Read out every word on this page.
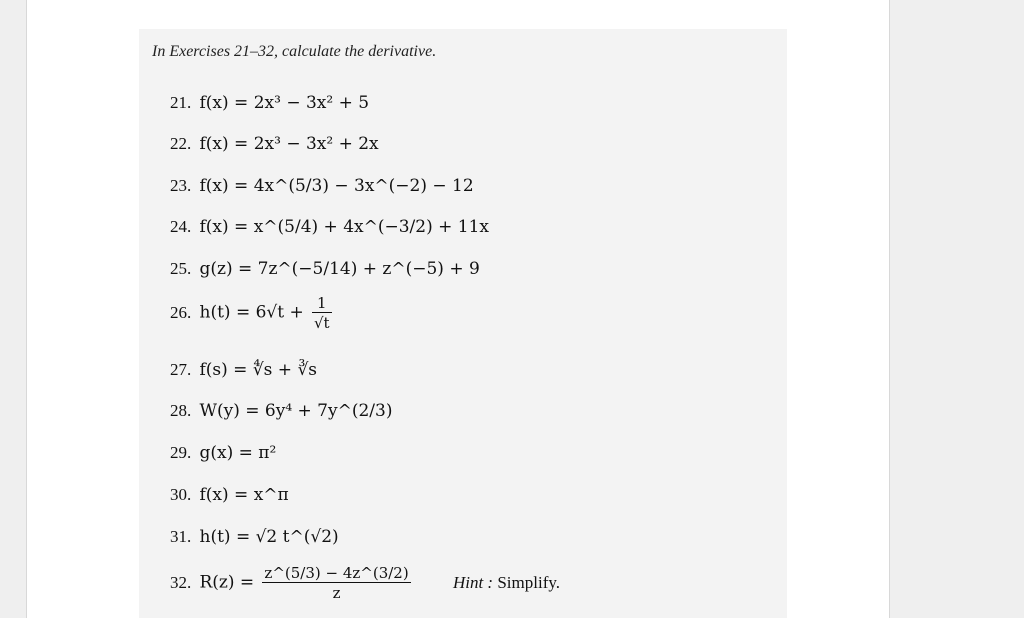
In Exercises 21–32, calculate the derivative.
21. f(x) = 2x³ − 3x² + 5
22. f(x) = 2x³ − 3x² + 2x
23. f(x) = 4x^(5/3) − 3x^(−2) − 12
24. f(x) = x^(5/4) + 4x^(−3/2) + 11x
25. g(z) = 7z^(−5/14) + z^(−5) + 9
26. $h(t) = 6√t + \frac{1}{√t}$
27. f(s) = ∜s + ∛s
28. W(y) = 6y⁴ + 7y^(2/3)
29. g(x) = π²
30. f(x) = x^π
31. h(t) = √2 t^(√2)
32. $R(z) = \frac{z\^{}(5/3) - 4z\^{}(3/2)}{z}$ Hint : Simplify.
